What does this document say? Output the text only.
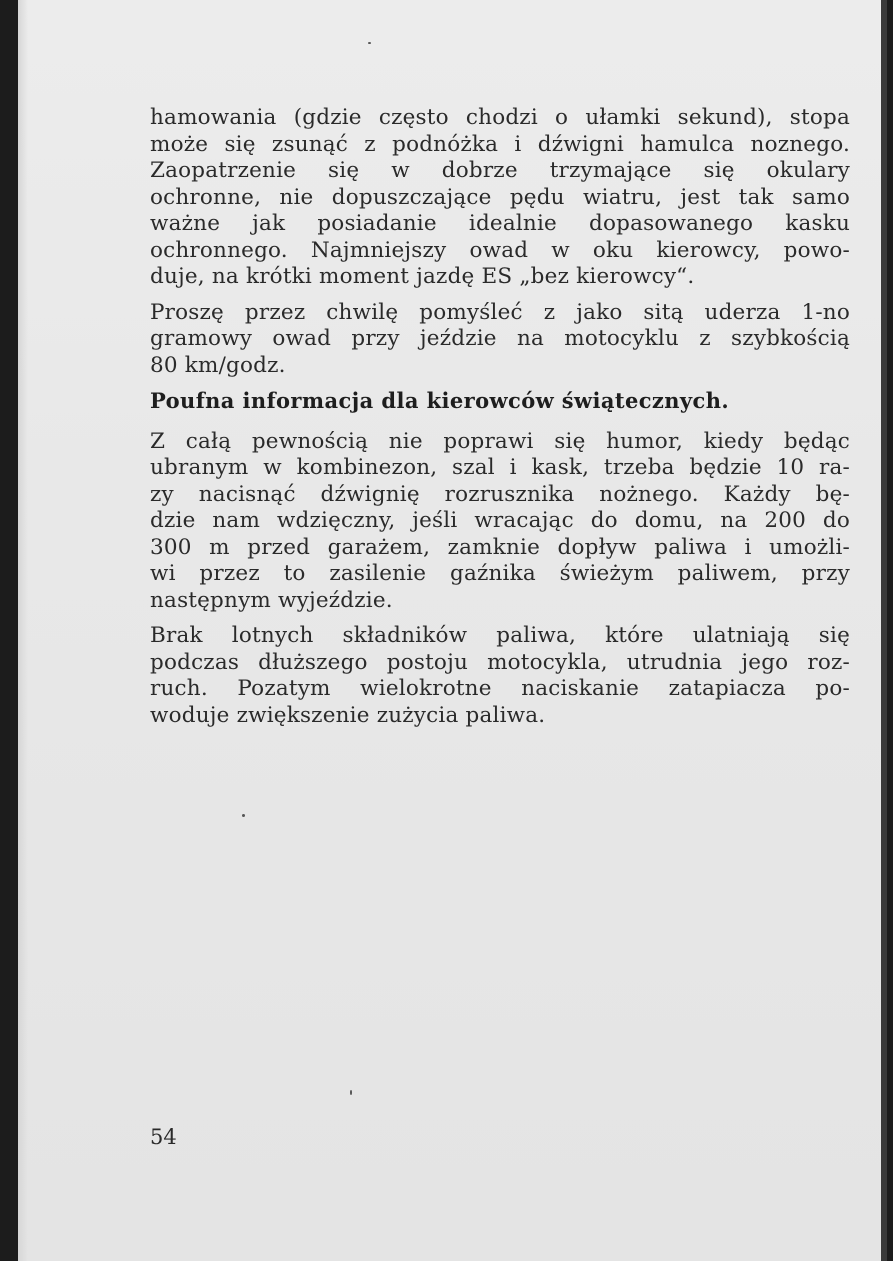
hamowania (gdzie często chodzi o ułamki sekund), stopa
może się zsunąć z podnóżka i dźwigni hamulca noznego.
Zaopatrzenie się w dobrze trzymające się okulary
ochronne, nie dopuszczające pędu wiatru, jest tak samo
ważne jak posiadanie idealnie dopasowanego kasku
ochronnego. Najmniejszy owad w oku kierowcy, powo-
duje, na krótki moment jazdę ES „bez kierowcy“.
Proszę przez chwilę pomyśleć z jako sitą uderza 1-no
gramowy owad przy jeździe na motocyklu z szybkością
80 km/godz.
Poufna informacja dla kierowców świątecznych.
Z całą pewnością nie poprawi się humor, kiedy będąc
ubranym w kombinezon, szal i kask, trzeba będzie 10 ra-
zy nacisnąć dźwignię rozrusznika nożnego. Każdy bę-
dzie nam wdzięczny, jeśli wracając do domu, na 200 do
300 m przed garażem, zamknie dopływ paliwa i umożli-
wi przez to zasilenie gaźnika świeżym paliwem, przy
następnym wyjeździe.
Brak lotnych składników paliwa, które ulatniają się
podczas dłuższego postoju motocykla, utrudnia jego roz-
ruch. Pozatym wielokrotne naciskanie zatapiacza po-
woduje zwiększenie zużycia paliwa.
54
